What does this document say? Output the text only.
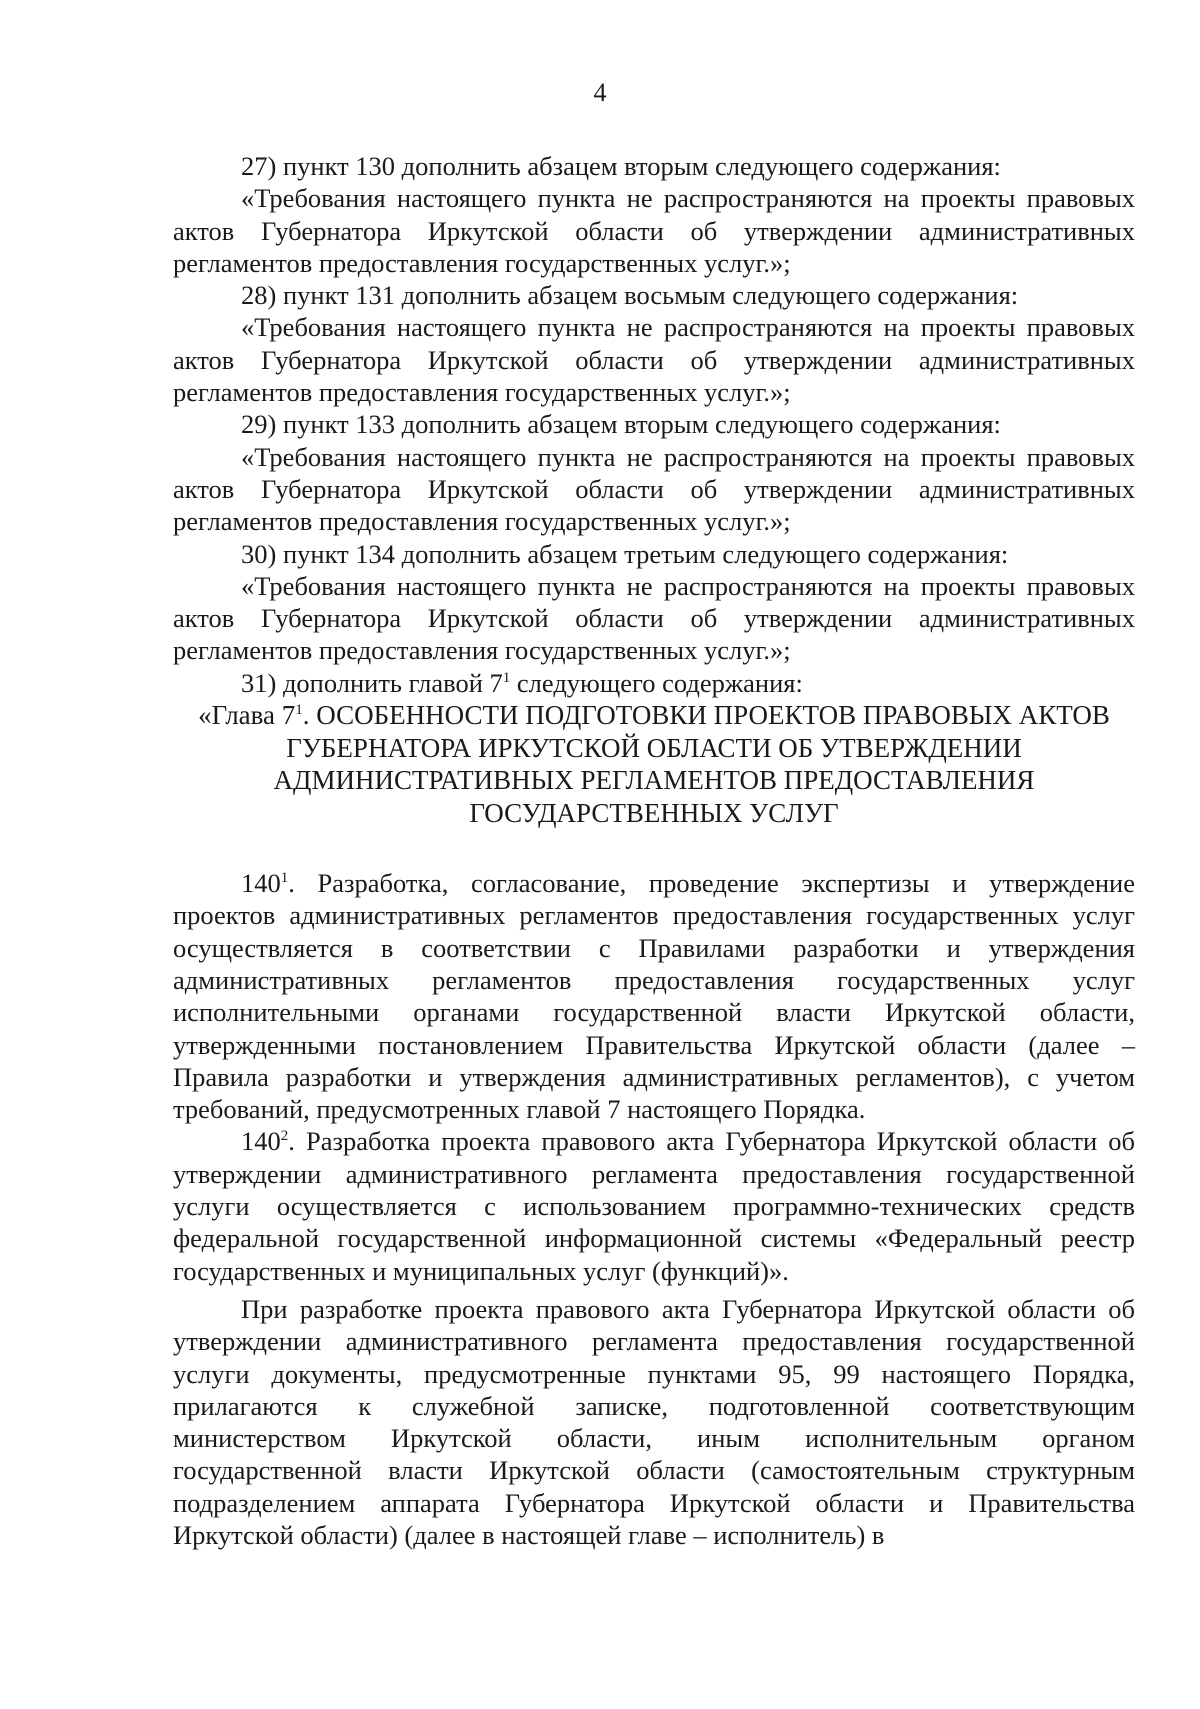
4

27) пункт 130 дополнить абзацем вторым следующего содержания:

«Требования настоящего пункта не распространяются на проекты правовых актов Губернатора Иркутской области об утверждении административных регламентов предоставления государственных услуг.»;

28) пункт 131 дополнить абзацем восьмым следующего содержания:

«Требования настоящего пункта не распространяются на проекты правовых актов Губернатора Иркутской области об утверждении административных регламентов предоставления государственных услуг.»;

29) пункт 133 дополнить абзацем вторым следующего содержания:

«Требования настоящего пункта не распространяются на проекты правовых актов Губернатора Иркутской области об утверждении административных регламентов предоставления государственных услуг.»;

30) пункт 134 дополнить абзацем третьим следующего содержания:

«Требования настоящего пункта не распространяются на проекты правовых актов Губернатора Иркутской области об утверждении административных регламентов предоставления государственных услуг.»;

31) дополнить главой $7^1$ следующего содержания:

«Глава $7^1$. ОСОБЕННОСТИ ПОДГОТОВКИ ПРОЕКТОВ ПРАВОВЫХ АКТОВ ГУБЕРНАТОРА ИРКУТСКОЙ ОБЛАСТИ ОБ УТВЕРЖДЕНИИ АДМИНИСТРАТИВНЫХ РЕГЛАМЕНТОВ ПРЕДОСТАВЛЕНИЯ ГОСУДАРСТВЕННЫХ УСЛУГ

$140^1$. Разработка, согласование, проведение экспертизы и утверждение проектов административных регламентов предоставления государственных услуг осуществляется в соответствии с Правилами разработки и утверждения административных регламентов предоставления государственных услуг исполнительными органами государственной власти Иркутской области, утвержденными постановлением Правительства Иркутской области (далее – Правила разработки и утверждения административных регламентов), с учетом требований, предусмотренных главой 7 настоящего Порядка.

$140^2$. Разработка проекта правового акта Губернатора Иркутской области об утверждении административного регламента предоставления государственной услуги осуществляется с использованием программно-технических средств федеральной государственной информационной системы «Федеральный реестр государственных и муниципальных услуг (функций)».

При разработке проекта правового акта Губернатора Иркутской области об утверждении административного регламента предоставления государственной услуги документы, предусмотренные пунктами 95, 99 настоящего Порядка, прилагаются к служебной записке, подготовленной соответствующим министерством Иркутской области, иным исполнительным органом государственной власти Иркутской области (самостоятельным структурным подразделением аппарата Губернатора Иркутской области и Правительства Иркутской области) (далее в настоящей главе – исполнитель) в
